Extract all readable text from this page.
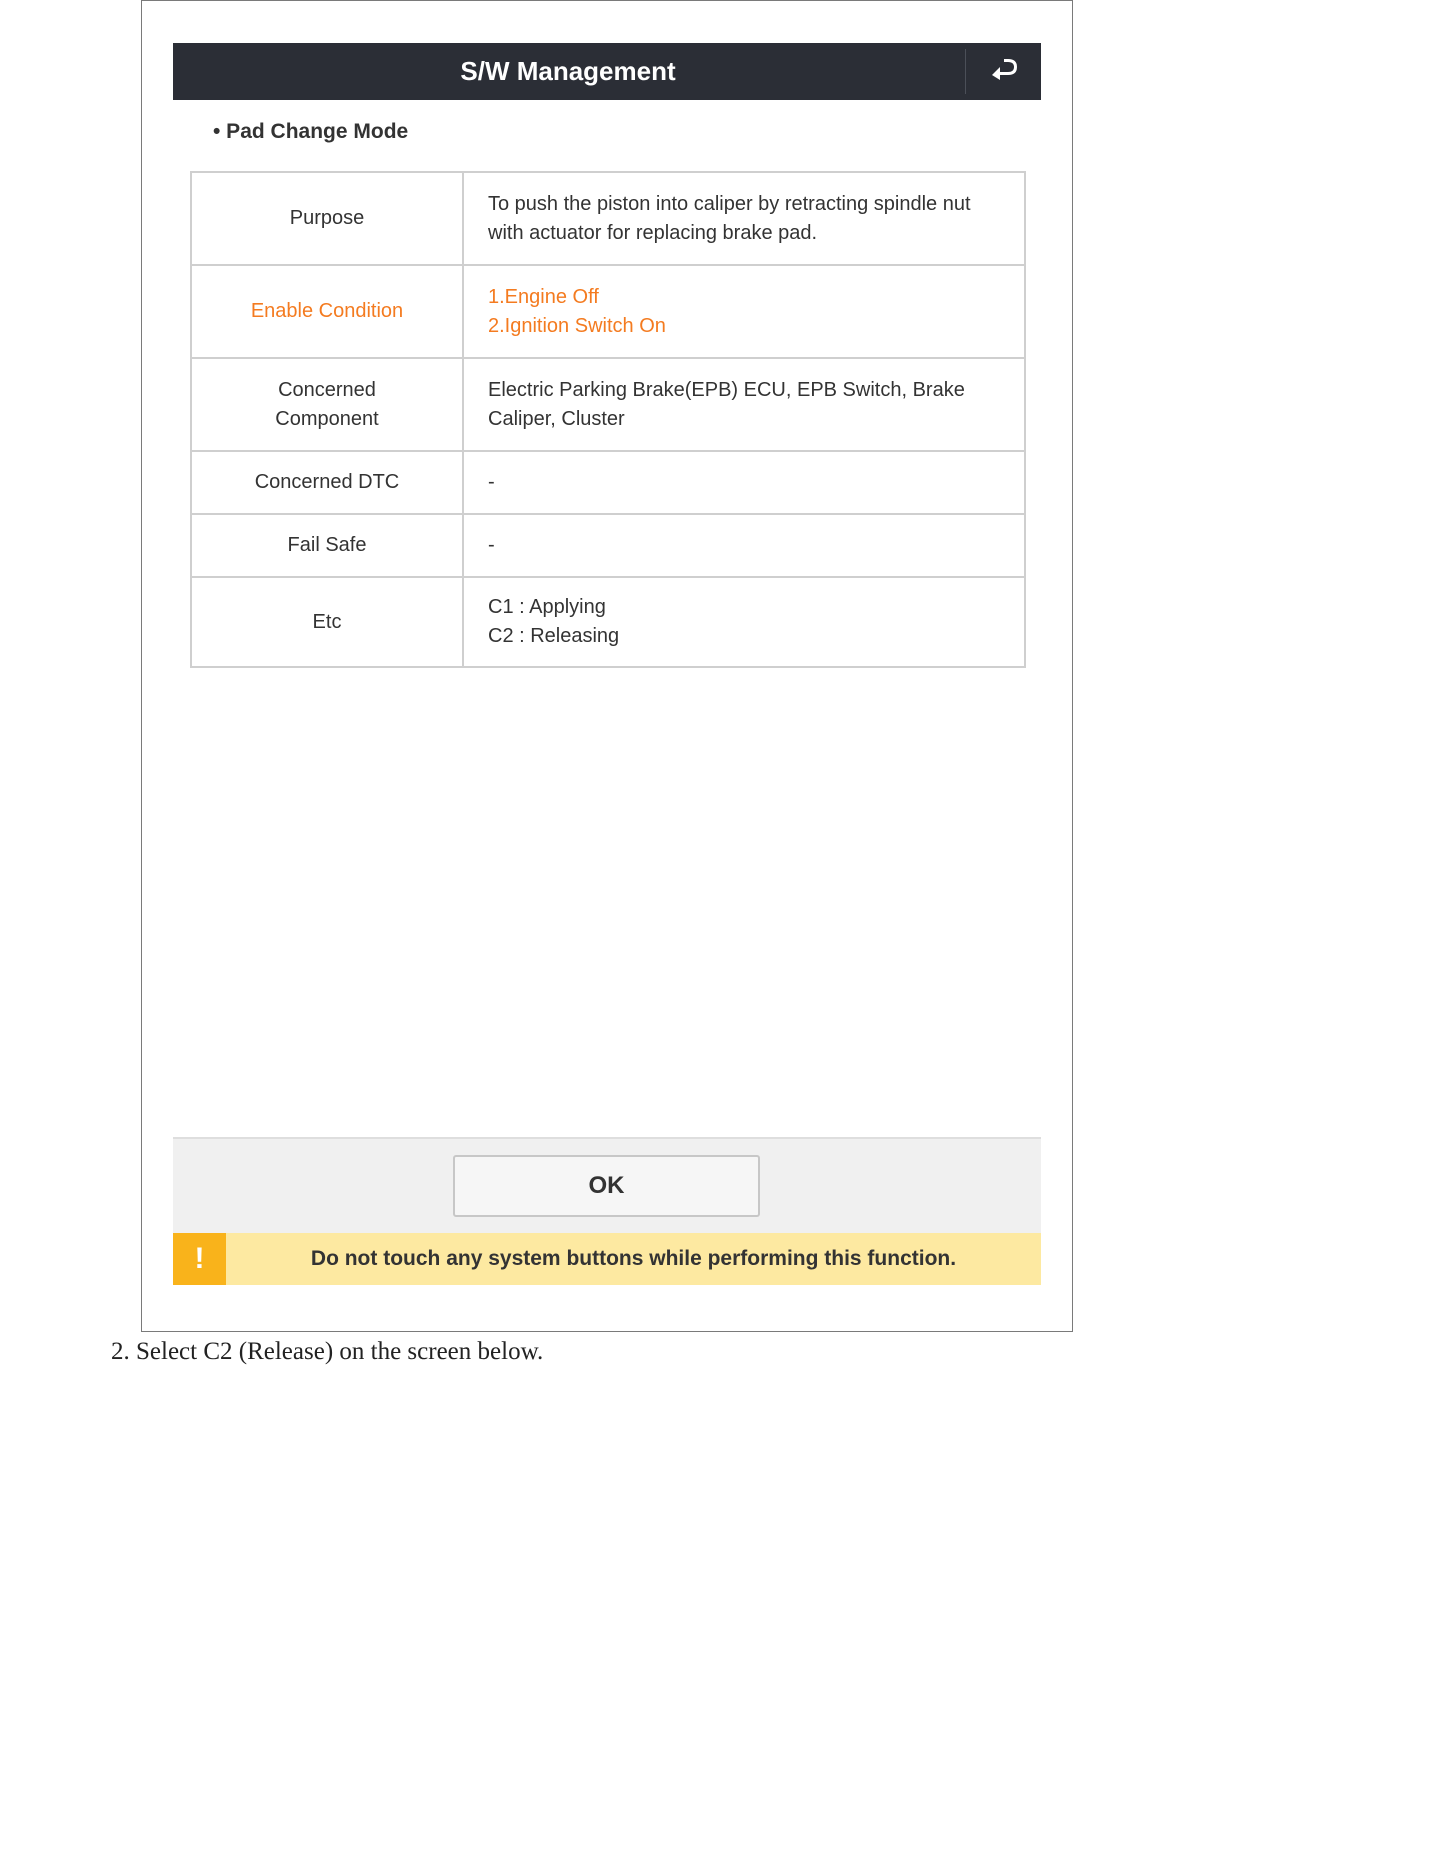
S/W Management
• Pad Change Mode
Purpose	To push the piston into caliper by retracting spindle nut
with actuator for replacing brake pad.

Enable Condition	1.Engine Off
2.Ignition Switch On

Concerned
Component	Electric Parking Brake(EPB) ECU, EPB Switch, Brake
Caliper, Cluster

Concerned DTC	-

Fail Safe	-

Etc	C1 : Applying
C2 : Releasing
OK
!	Do not touch any system buttons while performing this function.
2. Select C2 (Release) on the screen below.
